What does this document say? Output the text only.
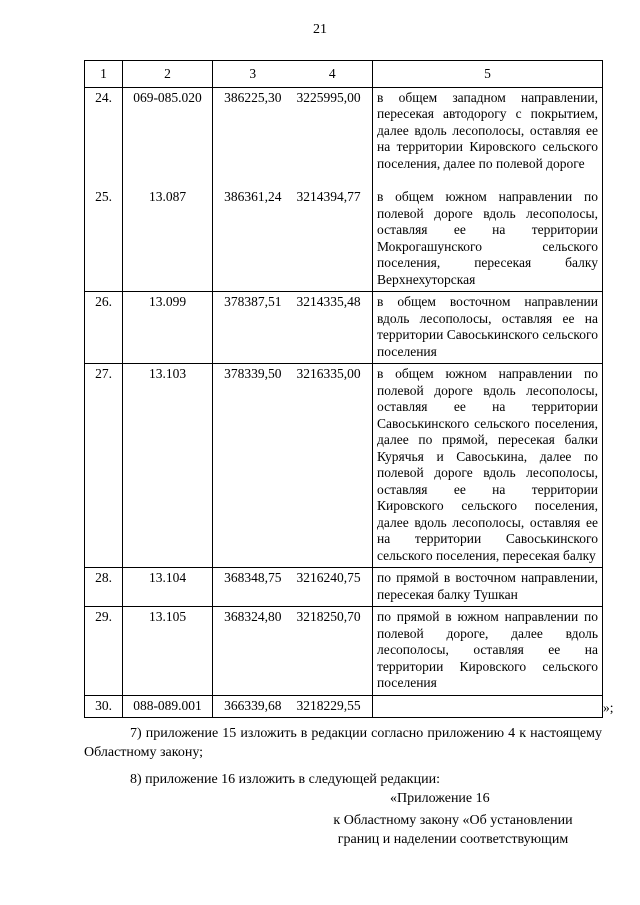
21
1	2	3	4	5
24.	069-085.020	386225,30	3225995,00	в общем западном направлении, пересекая автодорогу с покрытием, далее вдоль лесополосы, оставляя ее на территории Кировского сельского поселения, далее по полевой дороге
25.	13.087	386361,24	3214394,77	в общем южном направлении по полевой дороге вдоль лесополосы, оставляя ее на территории Мокрогашунского сельского поселения, пересекая балку Верхнехуторская
26.	13.099	378387,51	3214335,48	в общем восточном направлении вдоль лесополосы, оставляя ее на территории Савоськинского сельского поселения
27.	13.103	378339,50	3216335,00	в общем южном направлении по полевой дороге вдоль лесополосы, оставляя ее на территории Савоськинского сельского поселения, далее по прямой, пересекая балки Курячья и Савоськина, далее по полевой дороге вдоль лесополосы, оставляя ее на территории Кировского сельского поселения, далее вдоль лесополосы, оставляя ее на территории Савоськинского сельского поселения, пересекая балку
28.	13.104	368348,75	3216240,75	по прямой в восточном направлении, пересекая балку Тушкан
29.	13.105	368324,80	3218250,70	по прямой в южном направлении по полевой дороге, далее вдоль лесополосы, оставляя ее на территории Кировского сельского поселения
30.	088-089.001	366339,68	3218229,55		»;
7) приложение 15 изложить в редакции согласно приложению 4 к настоящему Областному закону;
8) приложение 16 изложить в следующей редакции:
«Приложение 16
к Областному закону «Об установлении границ и наделении соответствующим
